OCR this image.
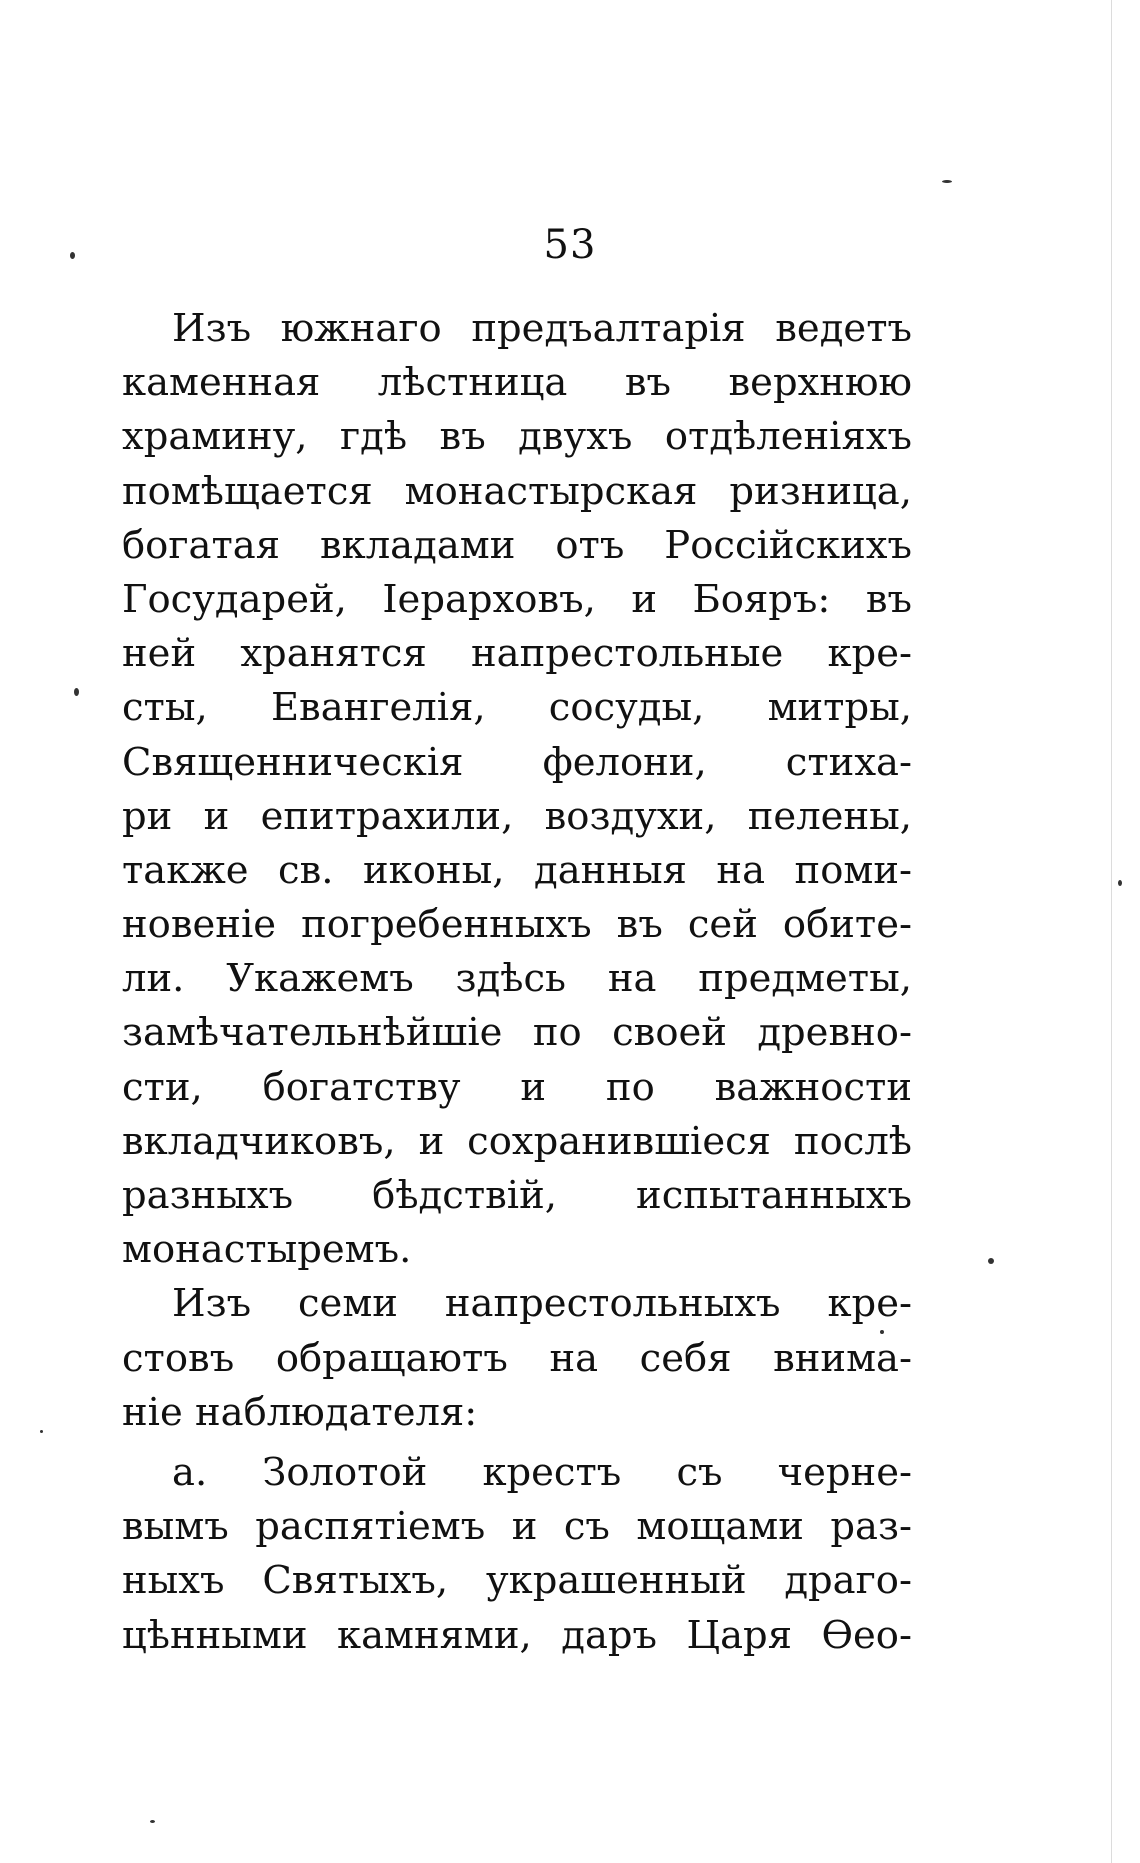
53
Изъ южнаго предъалтарія ведетъ
каменная лѣстница въ верхнюю
храмину, гдѣ въ двухъ отдѣленіяхъ
помѣщается монастырская ризница,
богатая вкладами отъ Россійскихъ
Государей, Іерарховъ, и Бояръ: въ
ней хранятся напрестольные кре-
сты, Евангелія, сосуды, митры,
Священническія фелони, стиха-
ри и епитрахили, воздухи, пелены,
также св. иконы, данныя на поми-
новеніе погребенныхъ въ сей обите-
ли. Укажемъ здѣсь на предметы,
замѣчательнѣйшіе по своей древно-
сти, богатству и по важности
вкладчиковъ, и сохранившіеся послѣ
разныхъ бѣдствій, испытанныхъ
монастыремъ.
Изъ семи напрестольныхъ кре-
стовъ обращаютъ на себя внима-
ніе наблюдателя:
а. Золотой крестъ съ черне-
вымъ распятіемъ и съ мощами раз-
ныхъ Святыхъ, украшенный драго-
цѣнными камнями, даръ Царя Ѳео-
